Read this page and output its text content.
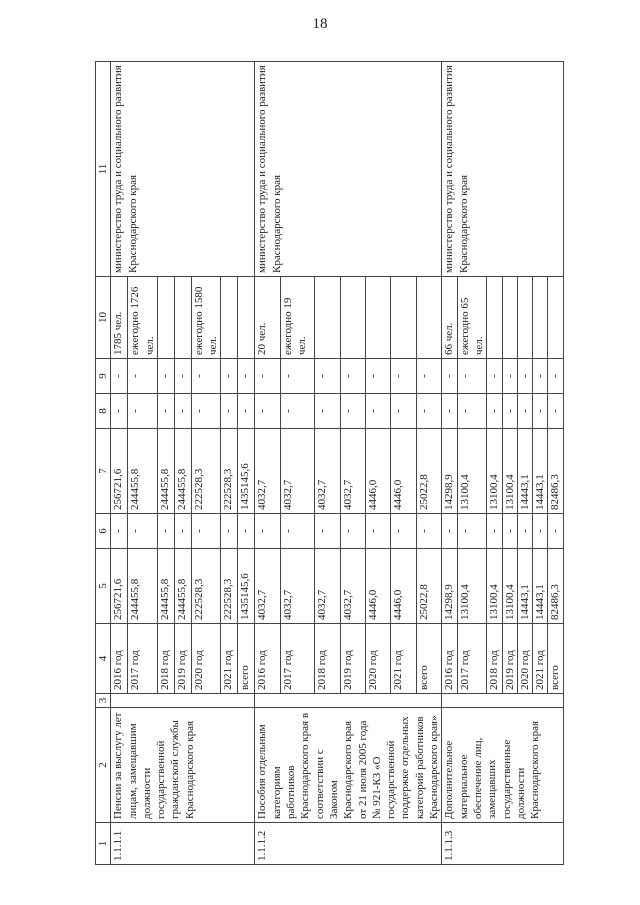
18
1	2	3	4	5	6	7	8	9	10	11
1.1.1.1	Пенсии за выслугу лет лицам, замещавшим должности государственной гражданской службы Краснодарского края		2016 год	256721,6	-	256721,6	-	-	1785 чел.	министерство труда и социального развития Краснодарского края
			2017 год	244455,8	-	244455,8	-	-	ежегодно 1726 чел.	
			2018 год	244455,8	-	244455,8	-	-		
			2019 год	244455,8	-	244455,8	-	-		
			2020 год	222528,3	-	222528,3	-	-	ежегодно 1580 чел.	
			2021 год	222528,3	-	222528,3	-	-		
			всего	1435145,6	-	1435145,6	-	-		
1.1.1.2	Пособия отдельным категориям работников Краснодарского края в соответствии с Законом Краснодарского края от 21 июля 2005 года № 921-КЗ «О государственной поддержке отдельных категорий работников Краснодарского края»		2016 год	4032,7	-	4032,7	-	-	20 чел.	министерство труда и социального развития Краснодарского края
			2017 год	4032,7	-	4032,7	-	-	ежегодно 19 чел.	
			2018 год	4032,7	-	4032,7	-	-		
			2019 год	4032,7	-	4032,7	-	-		
			2020 год	4446,0	-	4446,0	-	-		
			2021 год	4446,0	-	4446,0	-	-		
			всего	25022,8	-	25022,8	-	-		
1.1.1.3	Дополнительное материальное обеспечение лиц, замещавших государственные должности Краснодарского края		2016 год	14298,9	-	14298,9	-	-	66 чел.	министерство труда и социального развития Краснодарского края
			2017 год	13100,4	-	13100,4	-	-	ежегодно 65 чел.	
			2018 год	13100,4	-	13100,4	-	-		
			2019 год	13100,4	-	13100,4	-	-		
			2020 год	14443,1	-	14443,1	-	-		
			2021 год	14443,1	-	14443,1	-	-		
			всего	82486,3	-	82486,3	-	-		
